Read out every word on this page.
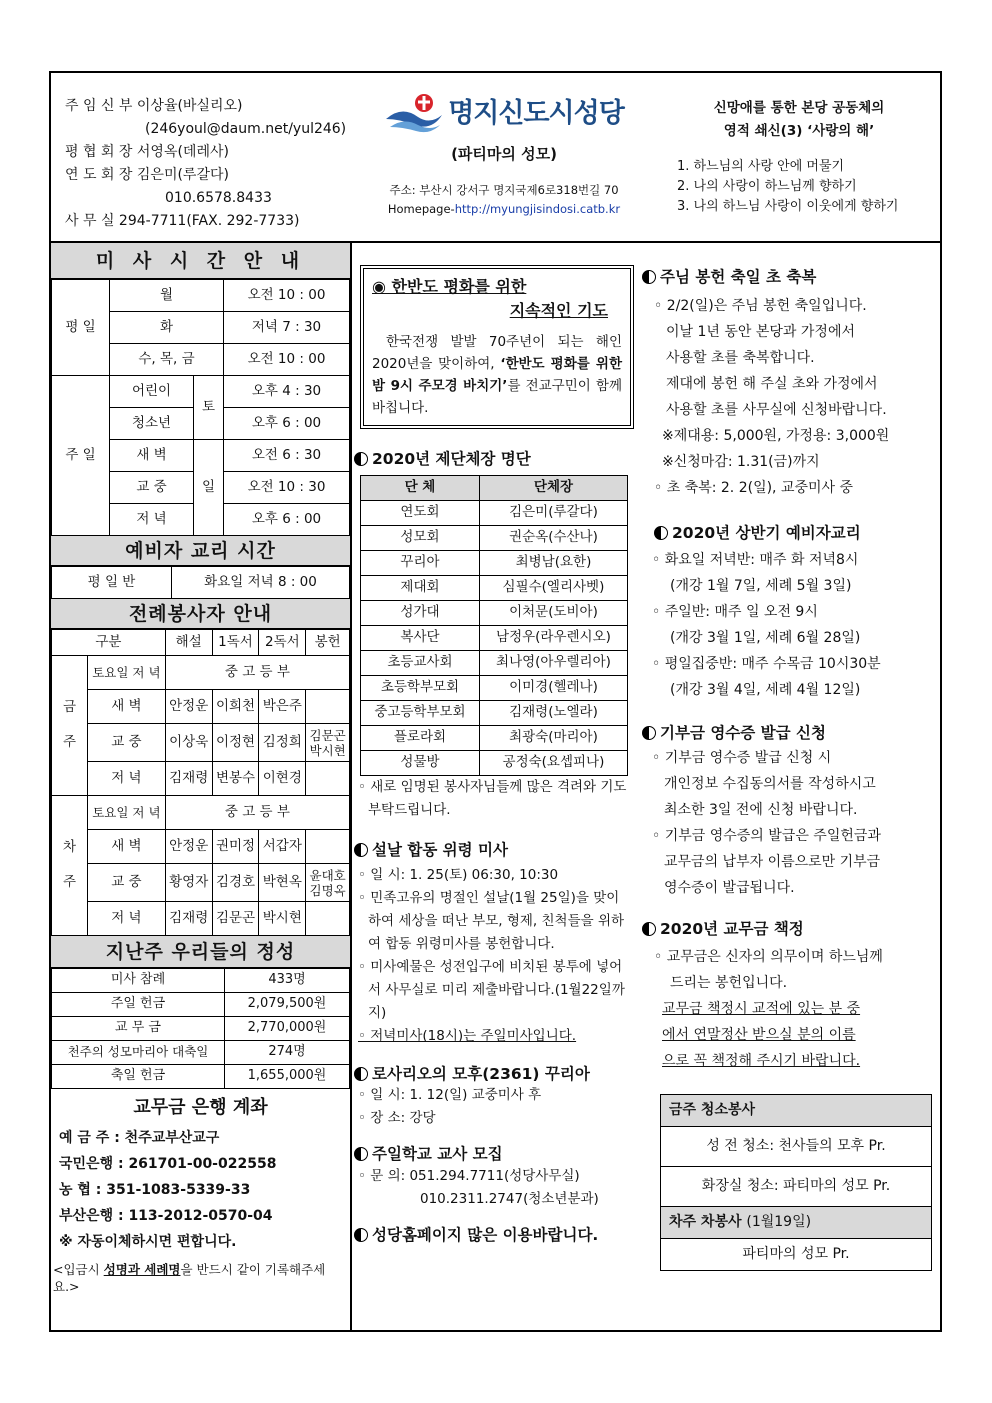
주 임 신 부 이상율(바실리오)
(246youl@daum.net/yul246)
평 협 회 장 서영옥(데레사)
연 도 회 장 김은미(루갈다)
010.6578.8433
사 무 실 294-7711(FAX. 292-7733)
명지신도시성당
(파티마의 성모)
주소: 부산시 강서구 명지국제6로318번길 70
Homepage-http://myungjisindosi.catb.kr
신망애를 통한 본당 공동체의
영적 쇄신(3) ‘사랑의 해’
1. 하느님의 사랑 안에 머물기
2. 나의 사랑이 하느님께 향하기
3. 나의 하느님 사랑이 이웃에게 향하기
미 사 시 간 안 내
평 일	월		오전 10 : 00
	화		저녁 7 : 30
	수, 목, 금		오전 10 : 00
주 일	어린이	토	오후 4 : 30
	청소년		오후 6 : 00
	새 벽	일	오전 6 : 30
	교 중		오전 10 : 30
	저 녁		오후 6 : 00
예비자 교리 시간
평 일 반	화요일 저녁 8 : 00
전례봉사자 안내
구분		해설	1독서	2독서	봉헌
금

주	토요일 저 녁	중 고 등 부			
	새 벽	안정운	이희천	박은주	
	교 중	이상욱	이정현	김정희	김문곤
박시현
	저 녁	김재령	변봉수	이현경	
차

주	토요일 저 녁	중 고 등 부			
	새 벽	안정운	권미정	서갑자	
	교 중	황영자	김경호	박현옥	윤대호
김명옥
	저 녁	김재령	김문곤	박시현	
지난주 우리들의 정성
미사 참례	433명
주일 헌금	2,079,500원
교 무 금	2,770,000원
천주의 성모마리아 대축일	274명
축일 헌금	1,655,000원
교무금 은행 계좌
예 금 주 : 천주교부산교구
국민은행 : 261701-00-022558
농 협 : 351-1083-5339-33
부산은행 : 113-2012-0570-04
※ 자동이체하시면 편합니다.
<입금시 성명과 세례명을 반드시 같이 기록해주세요.>
◉ 한반도 평화를 위한
지속적인 기도
한국전쟁 발발 70주년이 되는 해인 2020년을 맞이하여, ‘한반도 평화를 위한 밤 9시 주모경 바치기’를 전교구민이 함께 바칩니다.
2020년 제단체장 명단
단 체	단체장
연도회	김은미(루갈다)
성모회	권순옥(수산나)
꾸리아	최병남(요한)
제대회	심필수(엘리사벳)
성가대	이처문(도비아)
복사단	남정우(라우렌시오)
초등교사회	최나영(아우렐리아)
초등학부모회	이미경(헬레나)
중고등학부모회	김재령(노엘라)
플로라회	최광숙(마리아)
성물방	공정숙(요셉피나)
◦ 새로 임명된 봉사자님들께 많은 격려와 기도 부탁드립니다.
설날 합동 위령 미사
◦ 일 시: 1. 25(토) 06:30, 10:30
◦ 민족고유의 명절인 설날(1월 25일)을 맞이하여 세상을 떠난 부모, 형제, 친척들을 위하여 합동 위령미사를 봉헌합니다.
◦ 미사예물은 성전입구에 비치된 봉투에 넣어서 사무실로 미리 제출바랍니다.(1월22일까지)
◦ 저녁미사(18시)는 주일미사입니다.
로사리오의 모후(2361) 꾸리아
◦ 일 시: 1. 12(일) 교중미사 후
◦ 장 소: 강당
주일학교 교사 모집
◦ 문 의: 051.294.7711(성당사무실)
010.2311.2747(청소년분과)
성당홈페이지 많은 이용바랍니다.
주님 봉헌 축일 초 축복
◦ 2/2(일)은 주님 봉헌 축일입니다.
이날 1년 동안 본당과 가정에서
사용할 초를 축복합니다.
제대에 봉헌 해 주실 초와 가정에서
사용할 초를 사무실에 신청바랍니다.
※제대용: 5,000원, 가정용: 3,000원
※신청마감: 1.31(금)까지
◦ 초 축복: 2. 2(일), 교중미사 중
2020년 상반기 예비자교리
◦ 화요일 저녁반: 매주 화 저녁8시
(개강 1월 7일, 세례 5월 3일)
◦ 주일반: 매주 일 오전 9시
(개강 3월 1일, 세례 6월 28일)
◦ 평일집중반: 매주 수목금 10시30분
(개강 3월 4일, 세례 4월 12일)
기부금 영수증 발급 신청
◦ 기부금 영수증 발급 신청 시
개인정보 수집동의서를 작성하시고
최소한 3일 전에 신청 바랍니다.
◦ 기부금 영수증의 발급은 주일헌금과
교무금의 납부자 이름으로만 기부금
영수증이 발급됩니다.
2020년 교무금 책정
◦ 교무금은 신자의 의무이며 하느님께
드리는 봉헌입니다.
교무금 책정시 교적에 있는 분 중
에서 연말정산 받으실 분의 이름
으로 꼭 책정해 주시기 바랍니다.
금주 청소봉사
성 전 청소: 천사들의 모후 Pr.
화장실 청소: 파티마의 성모 Pr.
차주 차봉사 (1월19일)
파티마의 성모 Pr.
